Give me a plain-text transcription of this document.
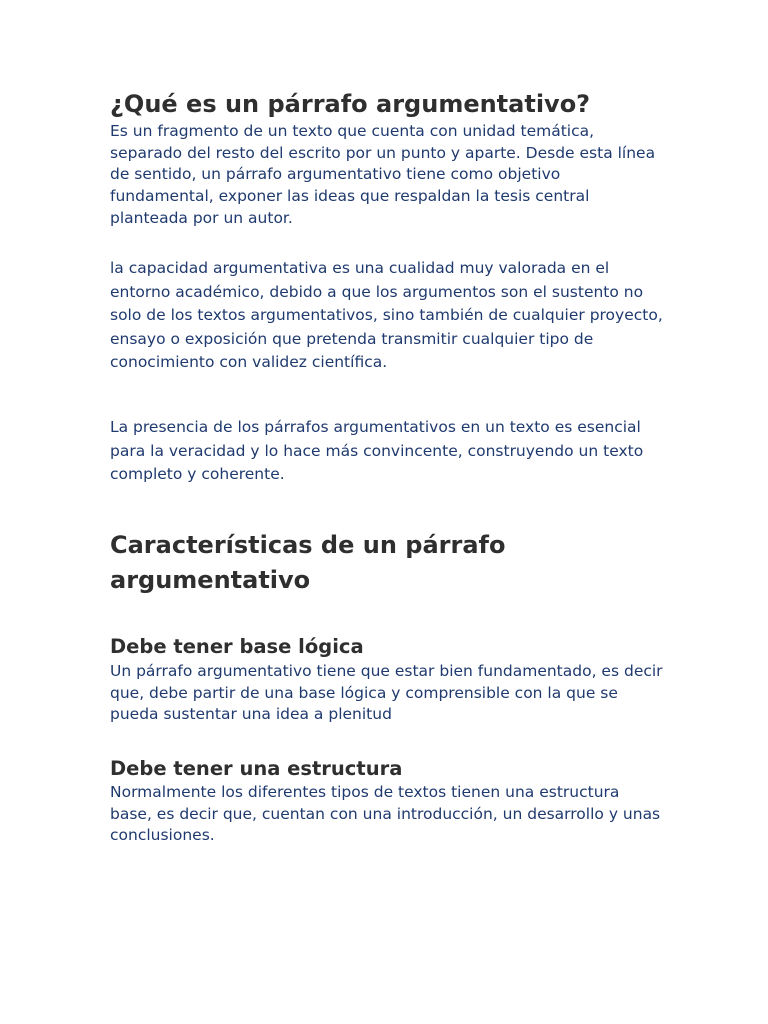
¿Qué es un párrafo argumentativo?

Es un fragmento de un texto que cuenta con unidad temática, separado del resto del escrito por un punto y aparte. Desde esta línea de sentido, un párrafo argumentativo tiene como objetivo fundamental, exponer las ideas que respaldan la tesis central planteada por un autor.

la capacidad argumentativa es una cualidad muy valorada en el entorno académico, debido a que los argumentos son el sustento no solo de los textos argumentativos, sino también de cualquier proyecto, ensayo o exposición que pretenda transmitir cualquier tipo de conocimiento con validez científica.

La presencia de los párrafos argumentativos en un texto es esencial para la veracidad y lo hace más convincente, construyendo un texto completo y coherente.

Características de un párrafo argumentativo
Debe tener base lógica

Un párrafo argumentativo tiene que estar bien fundamentado, es decir que, debe partir de una base lógica y comprensible con la que se pueda sustentar una idea a plenitud

Debe tener una estructura

Normalmente los diferentes tipos de textos tienen una estructura base, es decir que, cuentan con una introducción, un desarrollo y unas conclusiones.
